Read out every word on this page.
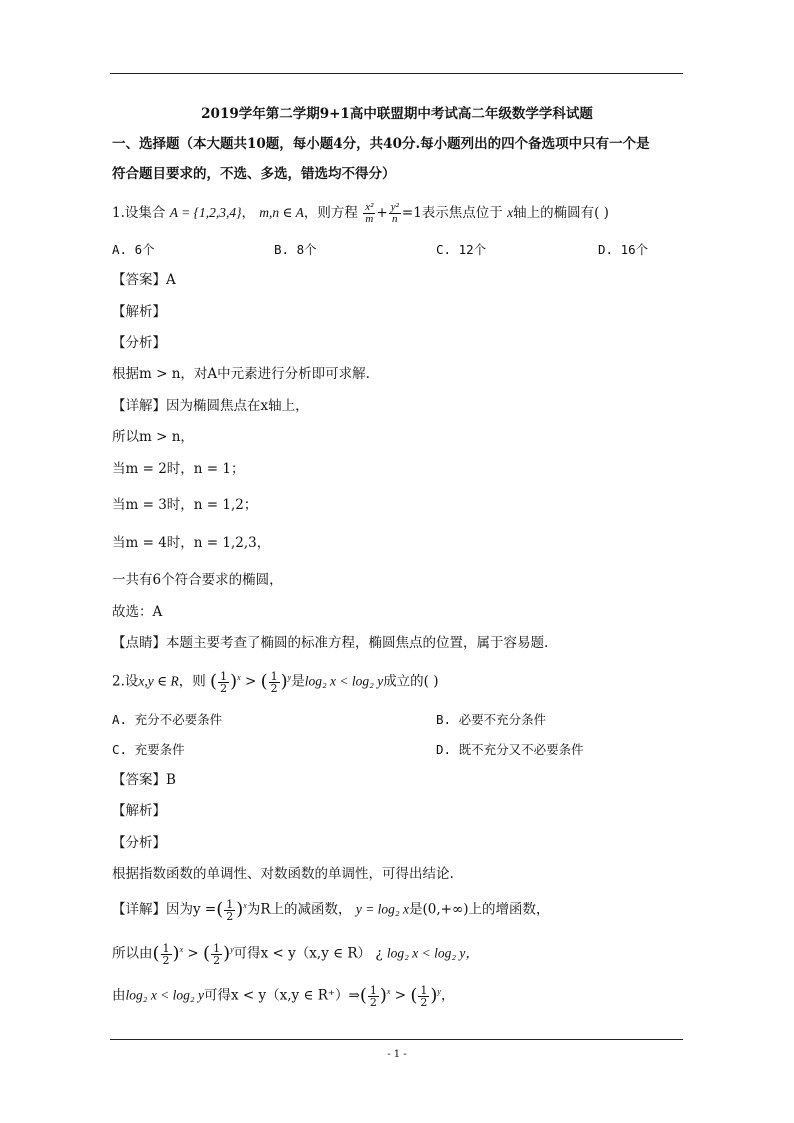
2019学年第二学期9+1高中联盟期中考试高二年级数学学科试题
一、选择题（本大题共10题，每小题4分，共40分.每小题列出的四个备选项中只有一个是
符合题目要求的，不选、多选，错选均不得分）
1.设集合 A = {1,2,3,4}， m,n ∈ A，则方程 $\frac{\text{x²}}{m} + \frac{\text{y²}}{n} =1$表示焦点位于 x轴上的椭圆有( )
A. 6个	B. 8个	C. 12个	D. 16个
【答案】A
【解析】
【分析】
根据m > n，对A中元素进行分析即可求解.
【详解】因为椭圆焦点在x轴上，
所以m > n，
当m = 2时，n = 1；
当m = 3时，n = 1,2；
当m = 4时，n = 1,2,3，
一共有6个符合要求的椭圆，
故选：A
【点睛】本题主要考查了椭圆的标准方程，椭圆焦点的位置，属于容易题.
2.设x,y ∈ R，则 ( $\frac{1}{2} )^x$ > ( $\frac{1}{2} )^y$是log₂ x < log₂ y成立的( )
A. 充分不必要条件	B. 必要不充分条件
C. 充要条件	D. 既不充分又不必要条件
【答案】B
【解析】
【分析】
根据指数函数的单调性、对数函数的单调性，可得出结论.
【详解】因为y =( $\frac{1}{2} )^x$为R上的减函数， y = log₂ x是(0,+∞)上的增函数，
所以由( $\frac{1}{2} )^x$ > ( $\frac{1}{2} )^y$可得x < y（x,y ∈ R） ¿ log₂ x < log₂ y，
由log₂ x < log₂ y可得x < y（x,y ∈ R⁺）⇒( $\frac{1}{2} )^x$ > ( $\frac{1}{2} )^y$，
- 1 -
